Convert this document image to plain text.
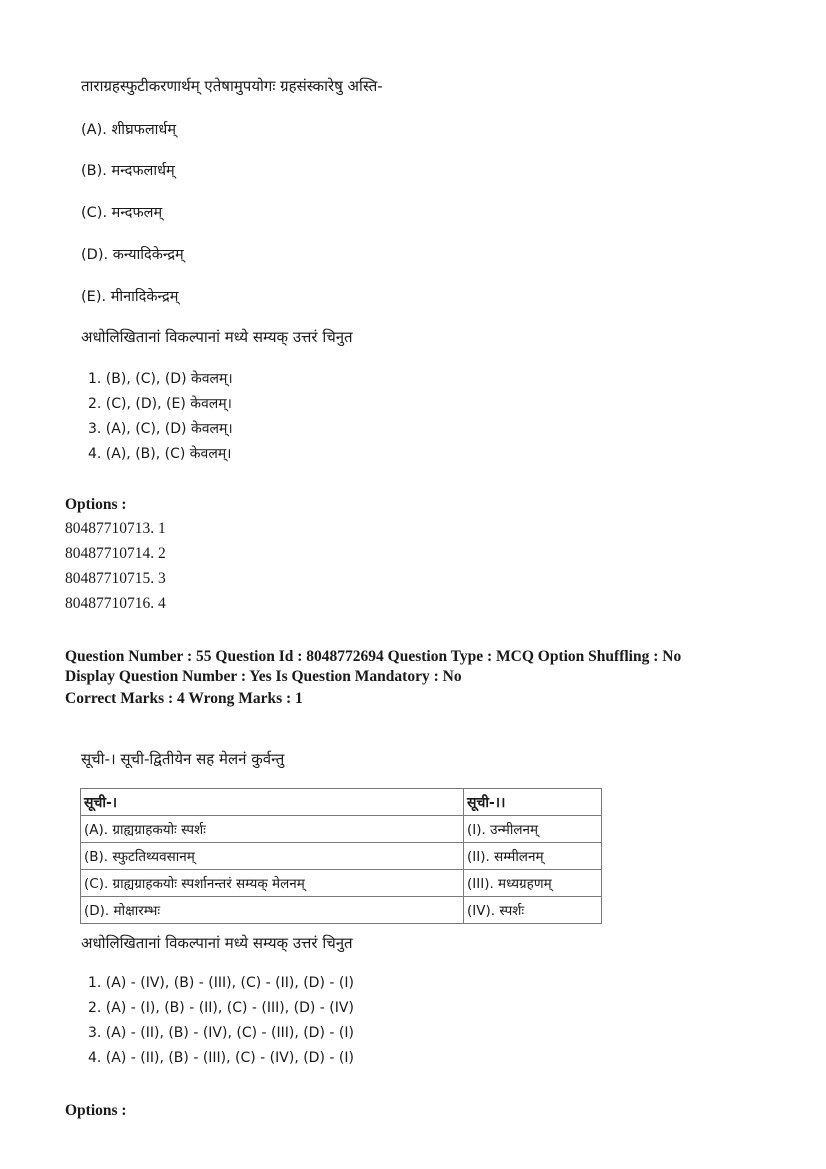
ताराग्रहस्फुटीकरणार्थम् एतेषामुपयोगः ग्रहसंस्कारेषु अस्ति-
(A). शीघ्रफलार्धम्
(B). मन्दफलार्धम्
(C). मन्दफलम्
(D). कन्यादिकेन्द्रम्
(E). मीनादिकेन्द्रम्
अधोलिखितानां विकल्पानां मध्ये सम्यक् उत्तरं चिनुत
1. (B), (C), (D) केवलम्।
2. (C), (D), (E) केवलम्।
3. (A), (C), (D) केवलम्।
4. (A), (B), (C) केवलम्।
Options :
80487710713. 1
80487710714. 2
80487710715. 3
80487710716. 4
Question Number : 55 Question Id : 8048772694 Question Type : MCQ Option Shuffling : No
Display Question Number : Yes Is Question Mandatory : No
Correct Marks : 4 Wrong Marks : 1
सूची-। सूची-द्वितीयेन सह मेलनं कुर्वन्तु
सूची-।	सूची-।।
(A). ग्राह्यग्राहकयोः स्पर्शः	(I). उन्मीलनम्
(B). स्फुटतिथ्यवसानम्	(II). सम्मीलनम्
(C). ग्राह्यग्राहकयोः स्पर्शानन्तरं सम्यक् मेलनम्	(III). मध्यग्रहणम्
(D). मोक्षारम्भः	(IV). स्पर्शः
अधोलिखितानां विकल्पानां मध्ये सम्यक् उत्तरं चिनुत
1. (A) - (IV), (B) - (III), (C) - (II), (D) - (I)
2. (A) - (I), (B) - (II), (C) - (III), (D) - (IV)
3. (A) - (II), (B) - (IV), (C) - (III), (D) - (I)
4. (A) - (II), (B) - (III), (C) - (IV), (D) - (I)
Options :
